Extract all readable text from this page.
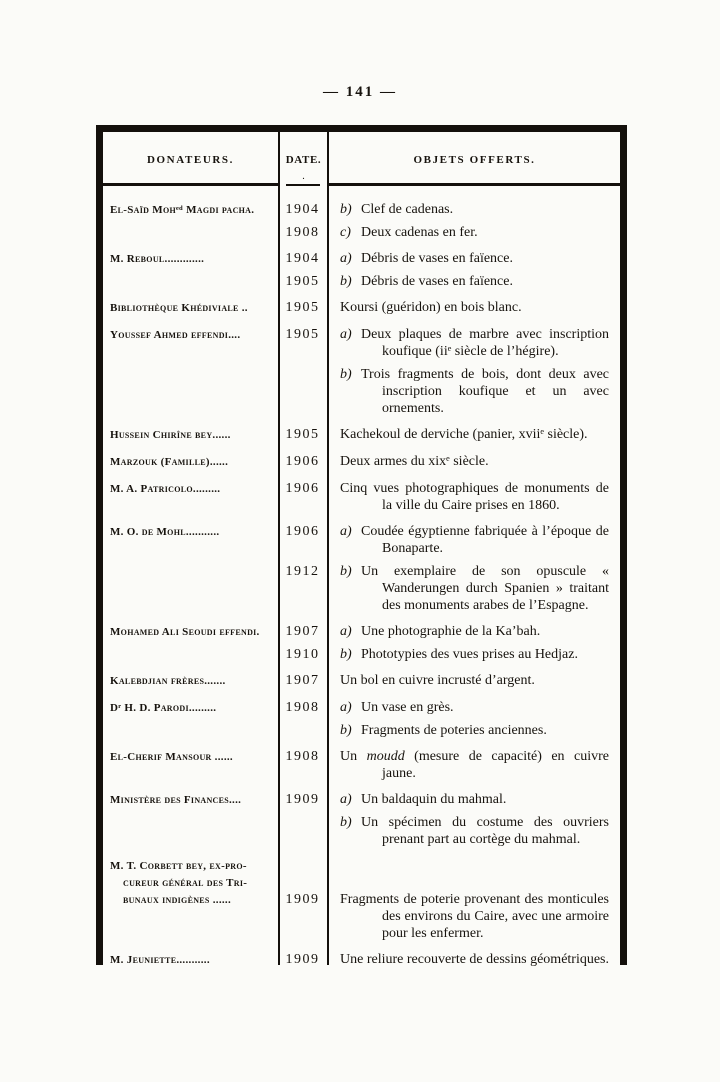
— 141 —
DONATEURS.	DATE.	OBJETS OFFERTS.
.
El-Saïd Mohᵉᵈ Magdi pacha.	1904	b) Clef de cadenas.
1908	c) Deux cadenas en fer.
M. Reboul.............	1904	a) Débris de vases en faïence.
1905	b) Débris de vases en faïence.
Bibliothèque Khédiviale ..	1905	Koursi (guéridon) en bois blanc.
Youssef Ahmed effendi....	1905	a) Deux plaques de marbre avec inscription koufique (iiᵉ siècle de l’hégire).
b) Trois fragments de bois, dont deux avec inscription koufique et un avec ornements.
Hussein Chirîne bey......	1905	Kachekoul de derviche (panier, xviiᵉ siècle).
Marzouk (Famille)......	1906	Deux armes du xixᵉ siècle.
M. A. Patricolo.........	1906	Cinq vues photographiques de monuments de la ville du Caire prises en 1860.
M. O. de Mohl...........	1906	a) Coudée égyptienne fabriquée à l’époque de Bonaparte.
1912	b) Un exemplaire de son opuscule « Wanderungen durch Spanien » traitant des monuments arabes de l’Espagne.
Mohamed Ali Seoudi effendi.	1907	a) Une photographie de la Ka’bah.
1910	b) Phototypies des vues prises au Hedjaz.
Kalebdjian frères.......	1907	Un bol en cuivre incrusté d’argent.
Dʳ H. D. Parodi.........	1908	a) Un vase en grès.
b) Fragments de poteries anciennes.
El-Cherif Mansour ......	1908	Un moudd (mesure de capacité) en cuivre jaune.
Ministère des Finances....	1909	a) Un baldaquin du mahmal.
b) Un spécimen du costume des ouvriers prenant part au cortège du mahmal.
M. T. Corbett bey, ex-pro-
cureur général des Tri-
bunaux indigènes ......	1909	Fragments de poterie provenant des monticules des environs du Caire, avec une armoire pour les enfermer.
M. Jeuniette...........	1909	Une reliure recouverte de dessins géométriques.
